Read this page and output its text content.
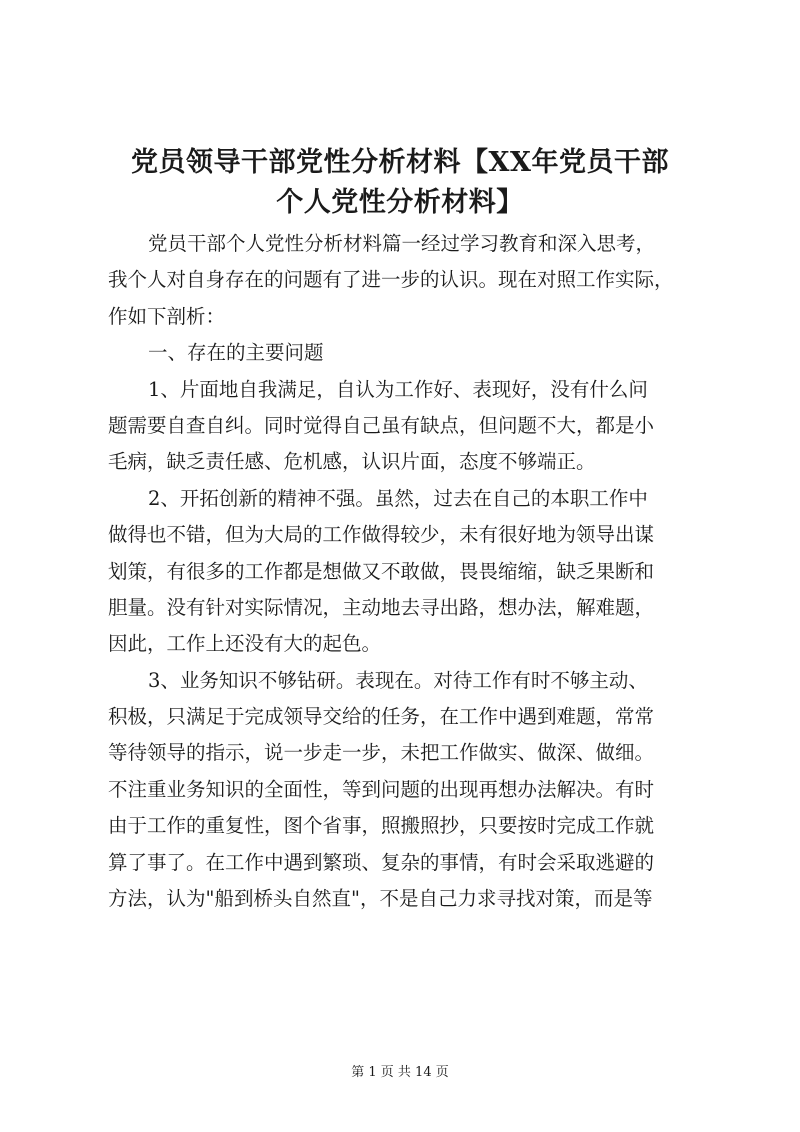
党员领导干部党性分析材料【XX年党员干部
个人党性分析材料】
党员干部个人党性分析材料篇一经过学习教育和深入思考，
我个人对自身存在的问题有了进一步的认识。现在对照工作实际，
作如下剖析：
一、存在的主要问题
1、片面地自我满足，自认为工作好、表现好，没有什么问
题需要自查自纠。同时觉得自己虽有缺点，但问题不大，都是小
毛病，缺乏责任感、危机感，认识片面，态度不够端正。
2、开拓创新的精神不强。虽然，过去在自己的本职工作中
做得也不错，但为大局的工作做得较少，未有很好地为领导出谋
划策，有很多的工作都是想做又不敢做，畏畏缩缩，缺乏果断和
胆量。没有针对实际情况，主动地去寻出路，想办法，解难题，
因此，工作上还没有大的起色。
3、业务知识不够钻研。表现在。对待工作有时不够主动、
积极，只满足于完成领导交给的任务，在工作中遇到难题，常常
等待领导的指示，说一步走一步，未把工作做实、做深、做细。
不注重业务知识的全面性，等到问题的出现再想办法解决。有时
由于工作的重复性，图个省事，照搬照抄，只要按时完成工作就
算了事了。在工作中遇到繁琐、复杂的事情，有时会采取逃避的
方法，认为"船到桥头自然直"，不是自己力求寻找对策，而是等
第 1 页 共 14 页
